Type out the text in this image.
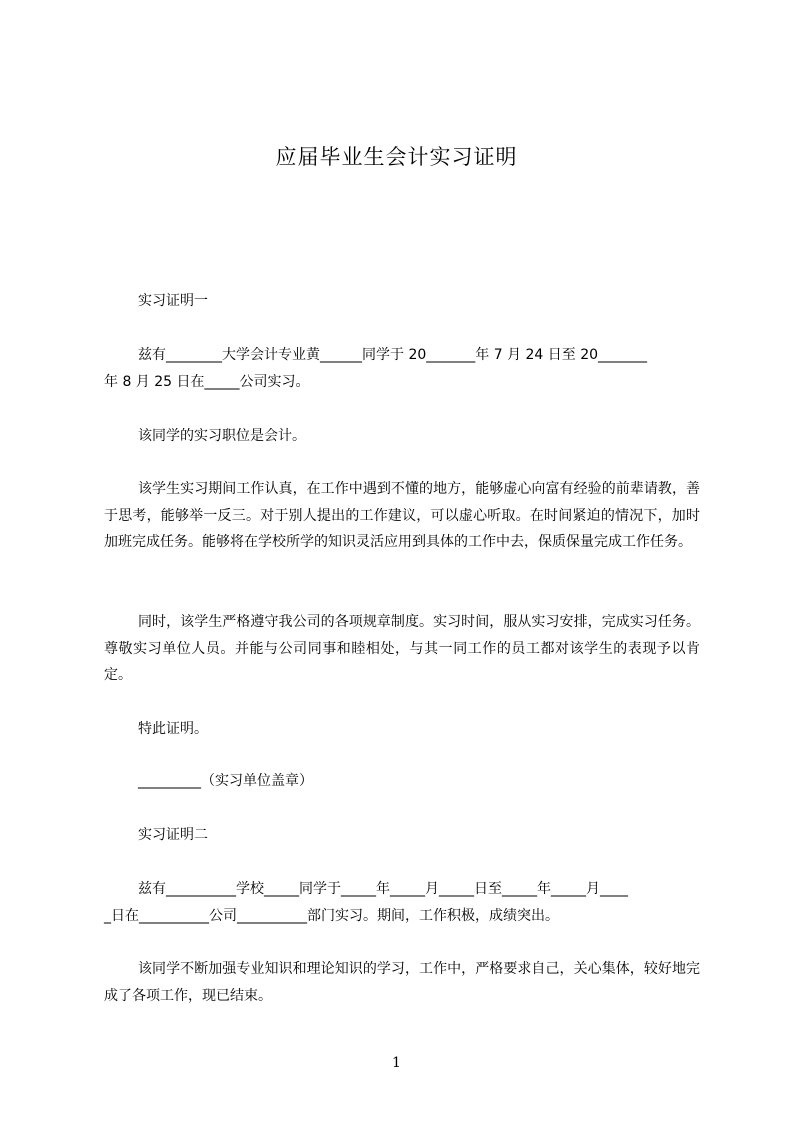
应届毕业生会计实习证明

实习证明一

兹有________大学会计专业黄______同学于 20_______年 7 月 24 日至 20_______
年 8 月 25 日在_____公司实习。

该同学的实习职位是会计。

该学生实习期间工作认真，在工作中遇到不懂的地方，能够虚心向富有经验的前辈请教，善于思考，能够举一反三。对于别人提出的工作建议，可以虚心听取。在时间紧迫的情况下，加时加班完成任务。能够将在学校所学的知识灵活应用到具体的工作中去，保质保量完成工作任务。

同时，该学生严格遵守我公司的各项规章制度。实习时间，服从实习安排，完成实习任务。尊敬实习单位人员。并能与公司同事和睦相处，与其一同工作的员工都对该学生的表现予以肯定。

特此证明。

_________（实习单位盖章）

实习证明二

兹有__________学校_____同学于_____年_____月_____日至_____年_____月____
_日在__________公司__________部门实习。期间，工作积极，成绩突出。

该同学不断加强专业知识和理论知识的学习，工作中，严格要求自己，关心集体，较好地完成了各项工作，现已结束。

1
